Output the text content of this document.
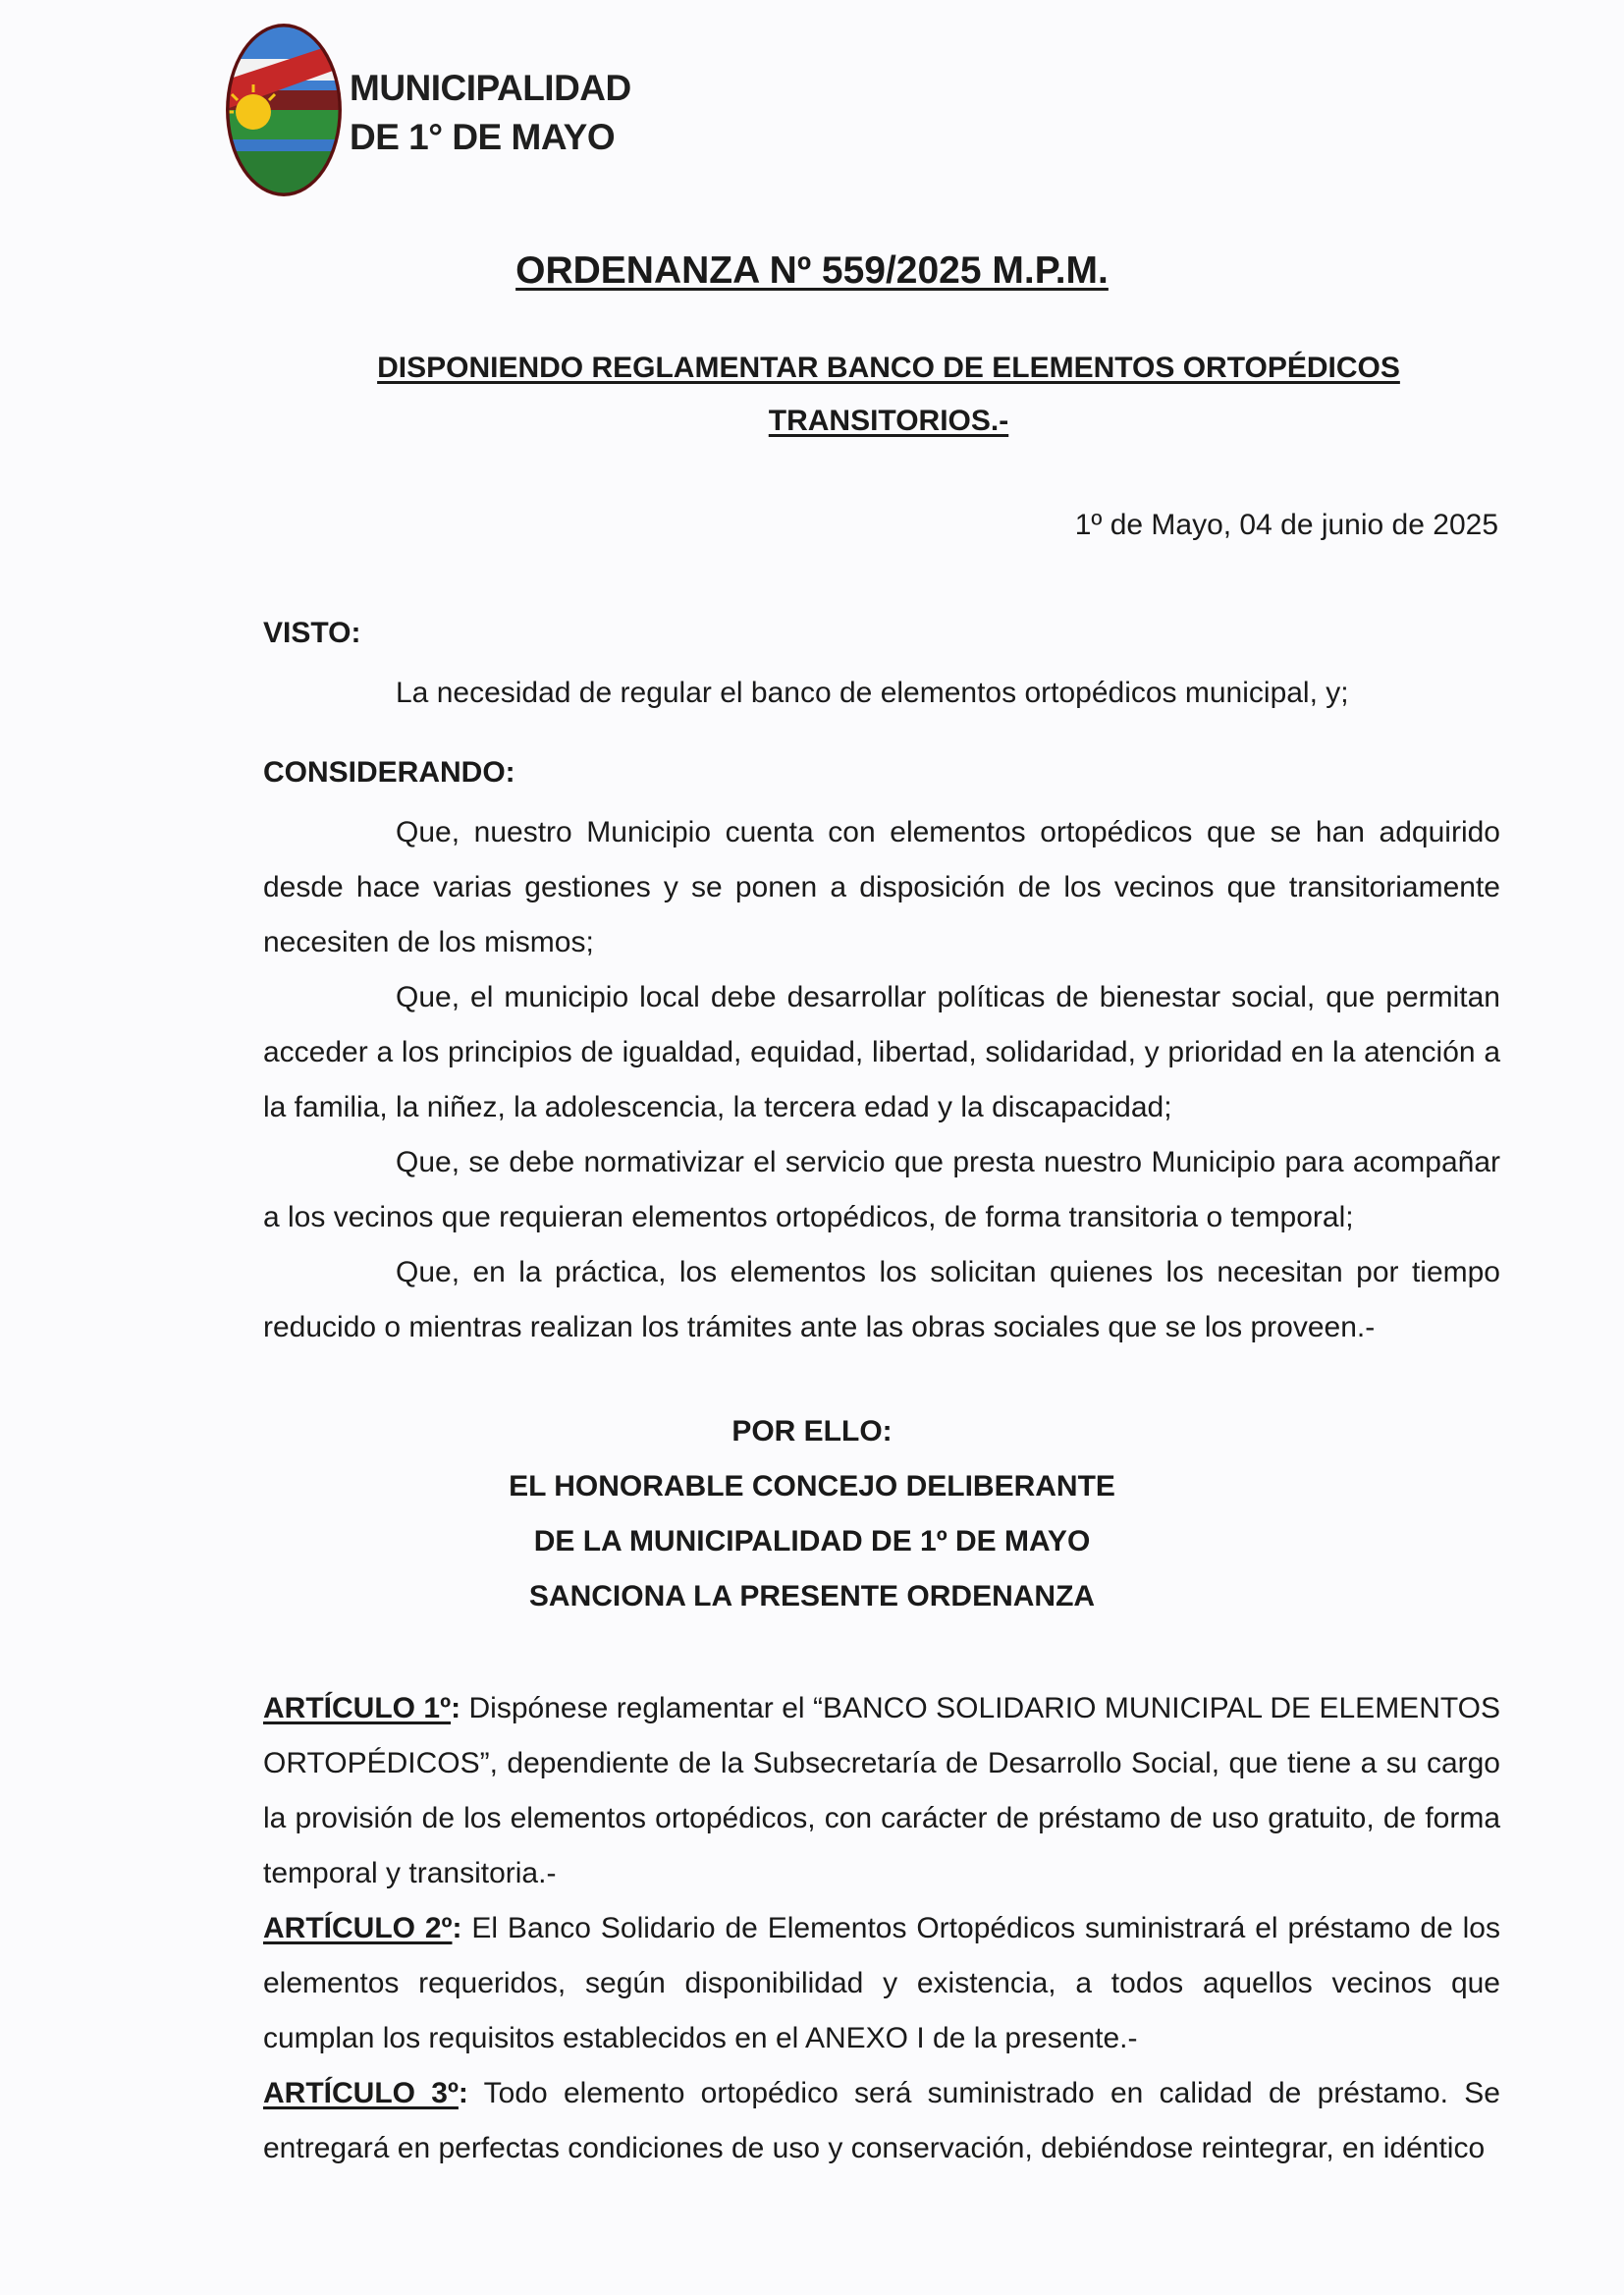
MUNICIPALIDAD
DE 1° DE MAYO
ORDENANZA Nº 559/2025 M.P.M.
DISPONIENDO REGLAMENTAR BANCO DE ELEMENTOS ORTOPÉDICOS
TRANSITORIOS.-
1º de Mayo, 04 de junio de 2025
VISTO:
La necesidad de regular el banco de elementos ortopédicos municipal, y;
CONSIDERANDO:
Que, nuestro Municipio cuenta con elementos ortopédicos que se han adquirido desde hace varias gestiones y se ponen a disposición de los vecinos que transitoriamente necesiten de los mismos;
Que, el municipio local debe desarrollar políticas de bienestar social, que permitan acceder a los principios de igualdad, equidad, libertad, solidaridad, y prioridad en la atención a la familia, la niñez, la adolescencia, la tercera edad y la discapacidad;
Que, se debe normativizar el servicio que presta nuestro Municipio para acompañar a los vecinos que requieran elementos ortopédicos, de forma transitoria o temporal;
Que, en la práctica, los elementos los solicitan quienes los necesitan por tiempo reducido o mientras realizan los trámites ante las obras sociales que se los proveen.-
POR ELLO:
EL HONORABLE CONCEJO DELIBERANTE
DE LA MUNICIPALIDAD DE 1º DE MAYO
SANCIONA LA PRESENTE ORDENANZA
ARTÍCULO 1º: Dispónese reglamentar el “BANCO SOLIDARIO MUNICIPAL DE ELEMENTOS ORTOPÉDICOS”, dependiente de la Subsecretaría de Desarrollo Social, que tiene a su cargo la provisión de los elementos ortopédicos, con carácter de préstamo de uso gratuito, de forma temporal y transitoria.-
ARTÍCULO 2º: El Banco Solidario de Elementos Ortopédicos suministrará el préstamo de los elementos requeridos, según disponibilidad y existencia, a todos aquellos vecinos que cumplan los requisitos establecidos en el ANEXO I de la presente.-
ARTÍCULO 3º: Todo elemento ortopédico será suministrado en calidad de préstamo. Se entregará en perfectas condiciones de uso y conservación, debiéndose reintegrar, en idéntico
